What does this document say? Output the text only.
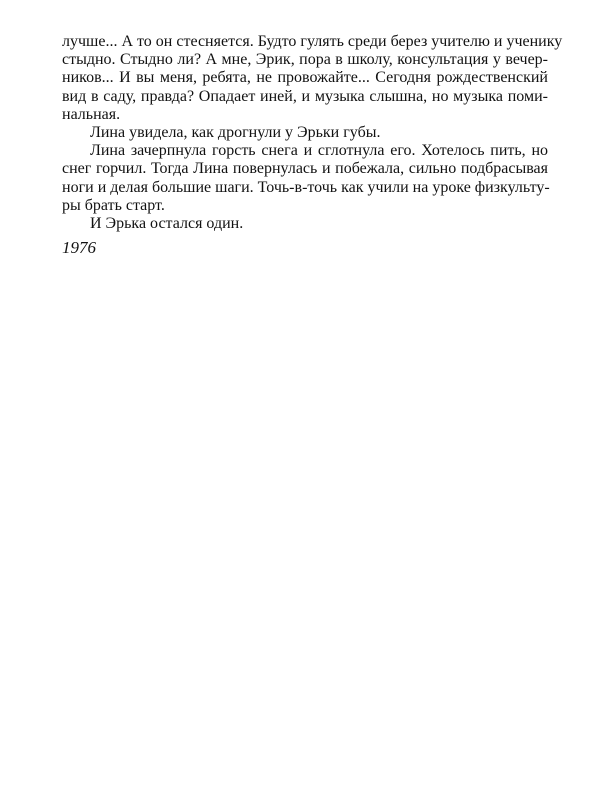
лучше... А то он стесняется. Будто гулять среди берез учителю и ученику
стыдно. Стыдно ли? А мне, Эрик, пора в школу, консультация у вечер-
ников... И вы меня, ребята, не провожайте... Сегодня рождественский
вид в саду, правда? Опадает иней, и музыка слышна, но музыка поми-
нальная.
Лина увидела, как дрогнули у Эрьки губы.
Лина зачерпнула горсть снега и сглотнула его. Хотелось пить, но
снег горчил. Тогда Лина повернулась и побежала, сильно подбрасывая
ноги и делая большие шаги. Точь-в-точь как учили на уроке физкульту-
ры брать старт.
И Эрька остался один.
1976
